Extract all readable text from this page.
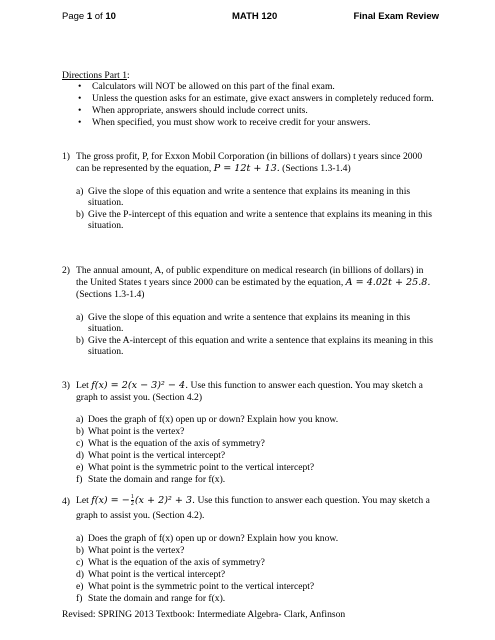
Page 1 of 10	MATH 120	Final Exam Review
Directions Part 1:
• Calculators will NOT be allowed on this part of the final exam.
• Unless the question asks for an estimate, give exact answers in completely reduced form.
• When appropriate, answers should include correct units.
• When specified, you must show work to receive credit for your answers.
1) The gross profit, P, for Exxon Mobil Corporation (in billions of dollars) t years since 2000
can be represented by the equation, P = 12t + 13. (Sections 1.3-1.4)
a) Give the slope of this equation and write a sentence that explains its meaning in this
situation.
b) Give the P-intercept of this equation and write a sentence that explains its meaning in this
situation.
2) The annual amount, A, of public expenditure on medical research (in billions of dollars) in
the United States t years since 2000 can be estimated by the equation, A = 4.02t + 25.8.
(Sections 1.3-1.4)
a) Give the slope of this equation and write a sentence that explains its meaning in this
situation.
b) Give the A-intercept of this equation and write a sentence that explains its meaning in this
situation.
3) Let f(x) = 2(x − 3)² − 4. Use this function to answer each question. You may sketch a
graph to assist you. (Section 4.2)
a) Does the graph of f(x) open up or down? Explain how you know.
b) What point is the vertex?
c) What is the equation of the axis of symmetry?
d) What point is the vertical intercept?
e) What point is the symmetric point to the vertical intercept?
f) State the domain and range for f(x).
4) Let f(x) = − $\frac{1}{2} (x + 2)^2 + 3$. Use this function to answer each question. You may sketch a
graph to assist you. (Section 4.2).
a) Does the graph of f(x) open up or down? Explain how you know.
b) What point is the vertex?
c) What is the equation of the axis of symmetry?
d) What point is the vertical intercept?
e) What point is the symmetric point to the vertical intercept?
f) State the domain and range for f(x).
Revised: SPRING 2013 Textbook: Intermediate Algebra- Clark, Anfinson
